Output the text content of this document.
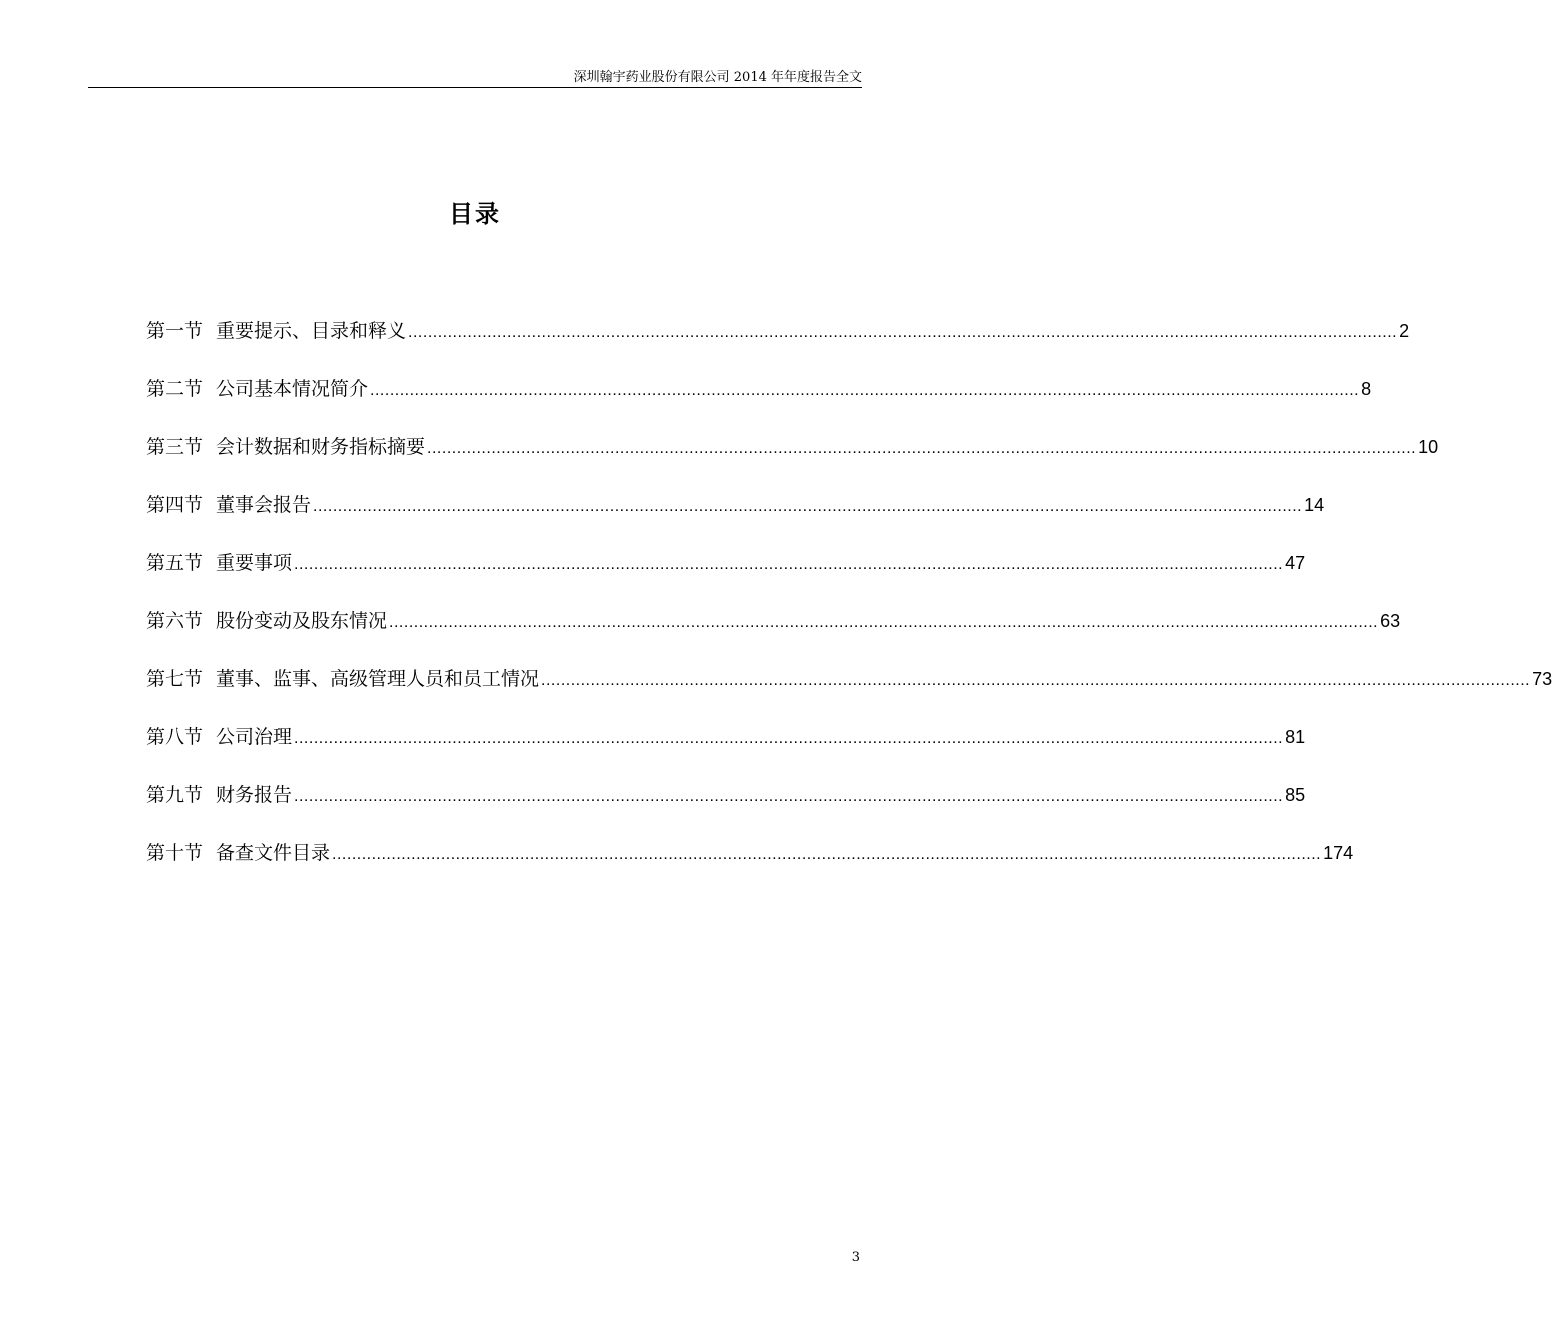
深圳翰宇药业股份有限公司 2014 年年度报告全文
目录
第一节 重要提示、目录和释义 ........................................................................................................................................................................................................ 2
第二节 公司基本情况简介 ........................................................................................................................................................................................................ 8
第三节 会计数据和财务指标摘要 ........................................................................................................................................................................................................ 10
第四节 董事会报告 ........................................................................................................................................................................................................ 14
第五节 重要事项 ........................................................................................................................................................................................................ 47
第六节 股份变动及股东情况 ........................................................................................................................................................................................................ 63
第七节 董事、监事、高级管理人员和员工情况 ........................................................................................................................................................................................................ 73
第八节 公司治理 ........................................................................................................................................................................................................ 81
第九节 财务报告 ........................................................................................................................................................................................................ 85
第十节 备查文件目录 ........................................................................................................................................................................................................ 174
3
